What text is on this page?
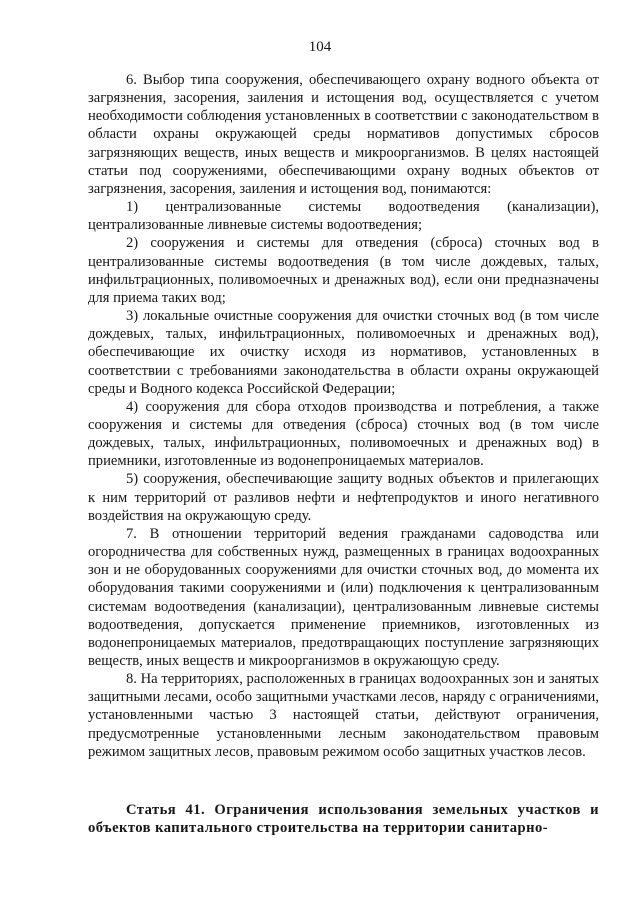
104

6. Выбор типа сооружения, обеспечивающего охрану водного объекта от загрязнения, засорения, заиления и истощения вод, осуществляется с учетом необходимости соблюдения установленных в соответствии с законодательством в области охраны окружающей среды нормативов допустимых сбросов загрязняющих веществ, иных веществ и микроорганизмов. В целях настоящей статьи под сооружениями, обеспечивающими охрану водных объектов от загрязнения, засорения, заиления и истощения вод, понимаются:

1) централизованные системы водоотведения (канализации), централизованные ливневые системы водоотведения;

2) сооружения и системы для отведения (сброса) сточных вод в централизованные системы водоотведения (в том числе дождевых, талых, инфильтрационных, поливомоечных и дренажных вод), если они предназначены для приема таких вод;

3) локальные очистные сооружения для очистки сточных вод (в том числе дождевых, талых, инфильтрационных, поливомоечных и дренажных вод), обеспечивающие их очистку исходя из нормативов, установленных в соответствии с требованиями законодательства в области охраны окружающей среды и Водного кодекса Российской Федерации;

4) сооружения для сбора отходов производства и потребления, а также сооружения и системы для отведения (сброса) сточных вод (в том числе дождевых, талых, инфильтрационных, поливомоечных и дренажных вод) в приемники, изготовленные из водонепроницаемых материалов.

5) сооружения, обеспечивающие защиту водных объектов и прилегающих к ним территорий от разливов нефти и нефтепродуктов и иного негативного воздействия на окружающую среду.

7. В отношении территорий ведения гражданами садоводства или огородничества для собственных нужд, размещенных в границах водоохранных зон и не оборудованных сооружениями для очистки сточных вод, до момента их оборудования такими сооружениями и (или) подключения к централизованным системам водоотведения (канализации), централизованным ливневые системы водоотведения, допускается применение приемников, изготовленных из водонепроницаемых материалов, предотвращающих поступление загрязняющих веществ, иных веществ и микроорганизмов в окружающую среду.

8. На территориях, расположенных в границах водоохранных зон и занятых защитными лесами, особо защитными участками лесов, наряду с ограничениями, установленными частью 3 настоящей статьи, действуют ограничения, предусмотренные установленными лесным законодательством правовым режимом защитных лесов, правовым режимом особо защитных участков лесов.

Статья 41. Ограничения использования земельных участков и объектов капитального строительства на территории санитарно-
